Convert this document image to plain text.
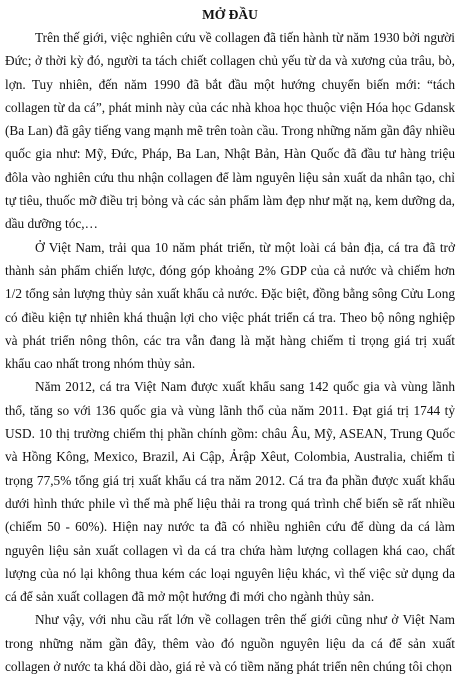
MỞ ĐẦU

Trên thế giới, việc nghiên cứu về collagen đã tiến hành từ năm 1930 bởi người Đức; ở thời kỳ đó, người ta tách chiết collagen chủ yếu từ da và xương của trâu, bò, lợn. Tuy nhiên, đến năm 1990 đã bắt đầu một hướng chuyển biến mới: “tách collagen từ da cá”, phát minh này của các nhà khoa học thuộc viện Hóa học Gdansk (Ba Lan) đã gây tiếng vang mạnh mẽ trên toàn cầu. Trong những năm gần đây nhiều quốc gia như: Mỹ, Đức, Pháp, Ba Lan, Nhật Bản, Hàn Quốc đã đầu tư hàng triệu đôla vào nghiên cứu thu nhận collagen để làm nguyên liệu sản xuất da nhân tạo, chỉ tự tiêu, thuốc mỡ điều trị bỏng và các sản phẩm làm đẹp như mặt nạ, kem dưỡng da, dầu dưỡng tóc,…

Ở Việt Nam, trải qua 10 năm phát triển, từ một loài cá bản địa, cá tra đã trở thành sản phẩm chiến lược, đóng góp khoảng 2% GDP của cả nước và chiếm hơn 1/2 tổng sản lượng thủy sản xuất khẩu cả nước. Đặc biệt, đồng bằng sông Cửu Long có điều kiện tự nhiên khá thuận lợi cho việc phát triển cá tra. Theo bộ nông nghiệp và phát triển nông thôn, các tra vẫn đang là mặt hàng chiếm tỉ trọng giá trị xuất khẩu cao nhất trong nhóm thủy sản.

Năm 2012, cá tra Việt Nam được xuất khẩu sang 142 quốc gia và vùng lãnh thổ, tăng so với 136 quốc gia và vùng lãnh thổ của năm 2011. Đạt giá trị 1744 tỷ USD. 10 thị trường chiếm thị phần chính gồm: châu Âu, Mỹ, ASEAN, Trung Quốc và Hồng Kông, Mexico, Brazil, Ai Cập, Ảrập Xêut, Colombia, Australia, chiếm tỉ trọng 77,5% tổng giá trị xuất khẩu cá tra năm 2012. Cá tra đa phần được xuất khẩu dưới hình thức phile vì thế mà phế liệu thải ra trong quá trình chế biến sẽ rất nhiều (chiếm 50 - 60%). Hiện nay nước ta đã có nhiều nghiên cứu để dùng da cá làm nguyên liệu sản xuất collagen vì da cá tra chứa hàm lượng collagen khá cao, chất lượng của nó lại không thua kém các loại nguyên liệu khác, vì thế việc sử dụng da cá để sản xuất collagen đã mở một hướng đi mới cho ngành thủy sản.

Như vậy, với nhu cầu rất lớn về collagen trên thế giới cũng như ở Việt Nam trong những năm gần đây, thêm vào đó nguồn nguyên liệu da cá để sản xuất collagen ở nước ta khá dồi dào, giá rẻ và có tiềm năng phát triển nên chúng tôi chọn
